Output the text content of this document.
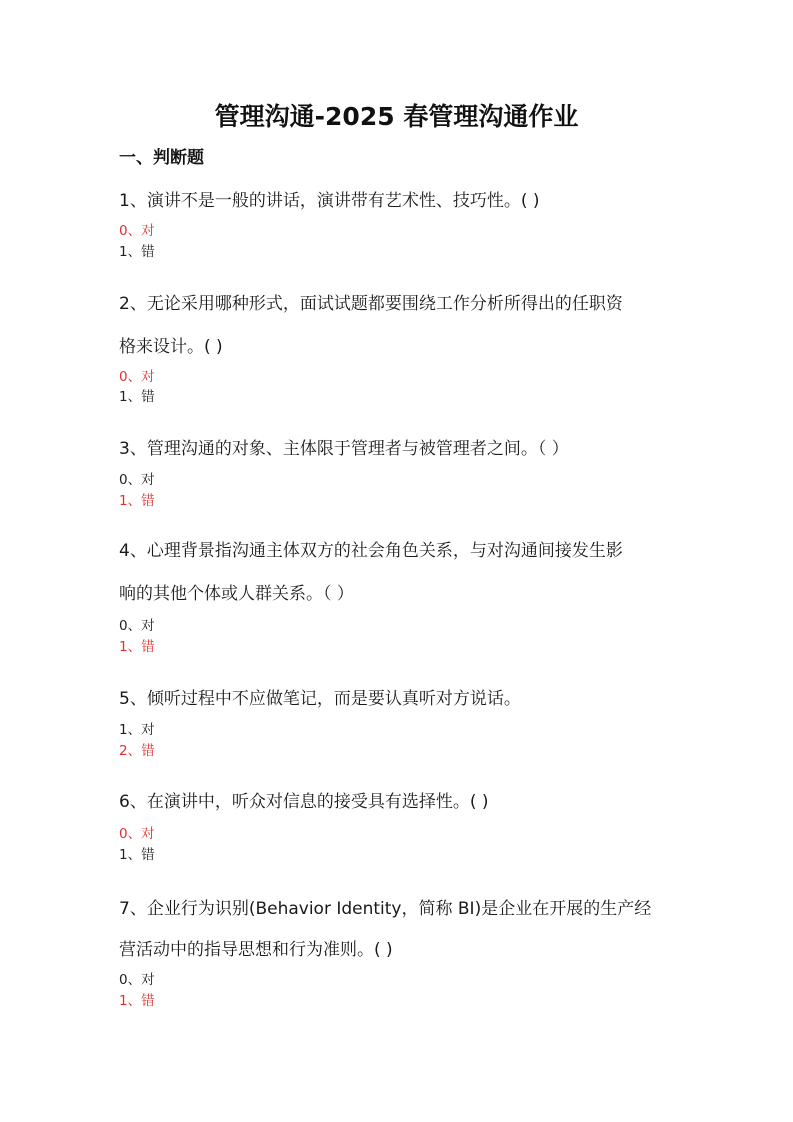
管理沟通-2025 春管理沟通作业
一、判断题
1、演讲不是一般的讲话，演讲带有艺术性、技巧性。( )
0、对
1、错
2、无论采用哪种形式，面试试题都要围绕工作分析所得出的任职资
格来设计。( )
0、对
1、错
3、管理沟通的对象、主体限于管理者与被管理者之间。（ ）
0、对
1、错
4、心理背景指沟通主体双方的社会角色关系，与对沟通间接发生影
响的其他个体或人群关系。（ ）
0、对
1、错
5、倾听过程中不应做笔记，而是要认真听对方说话。
1、对
2、错
6、在演讲中，听众对信息的接受具有选择性。( )
0、对
1、错
7、企业行为识别(Behavior Identity，简称 BI)是企业在开展的生产经
营活动中的指导思想和行为准则。( )
0、对
1、错
